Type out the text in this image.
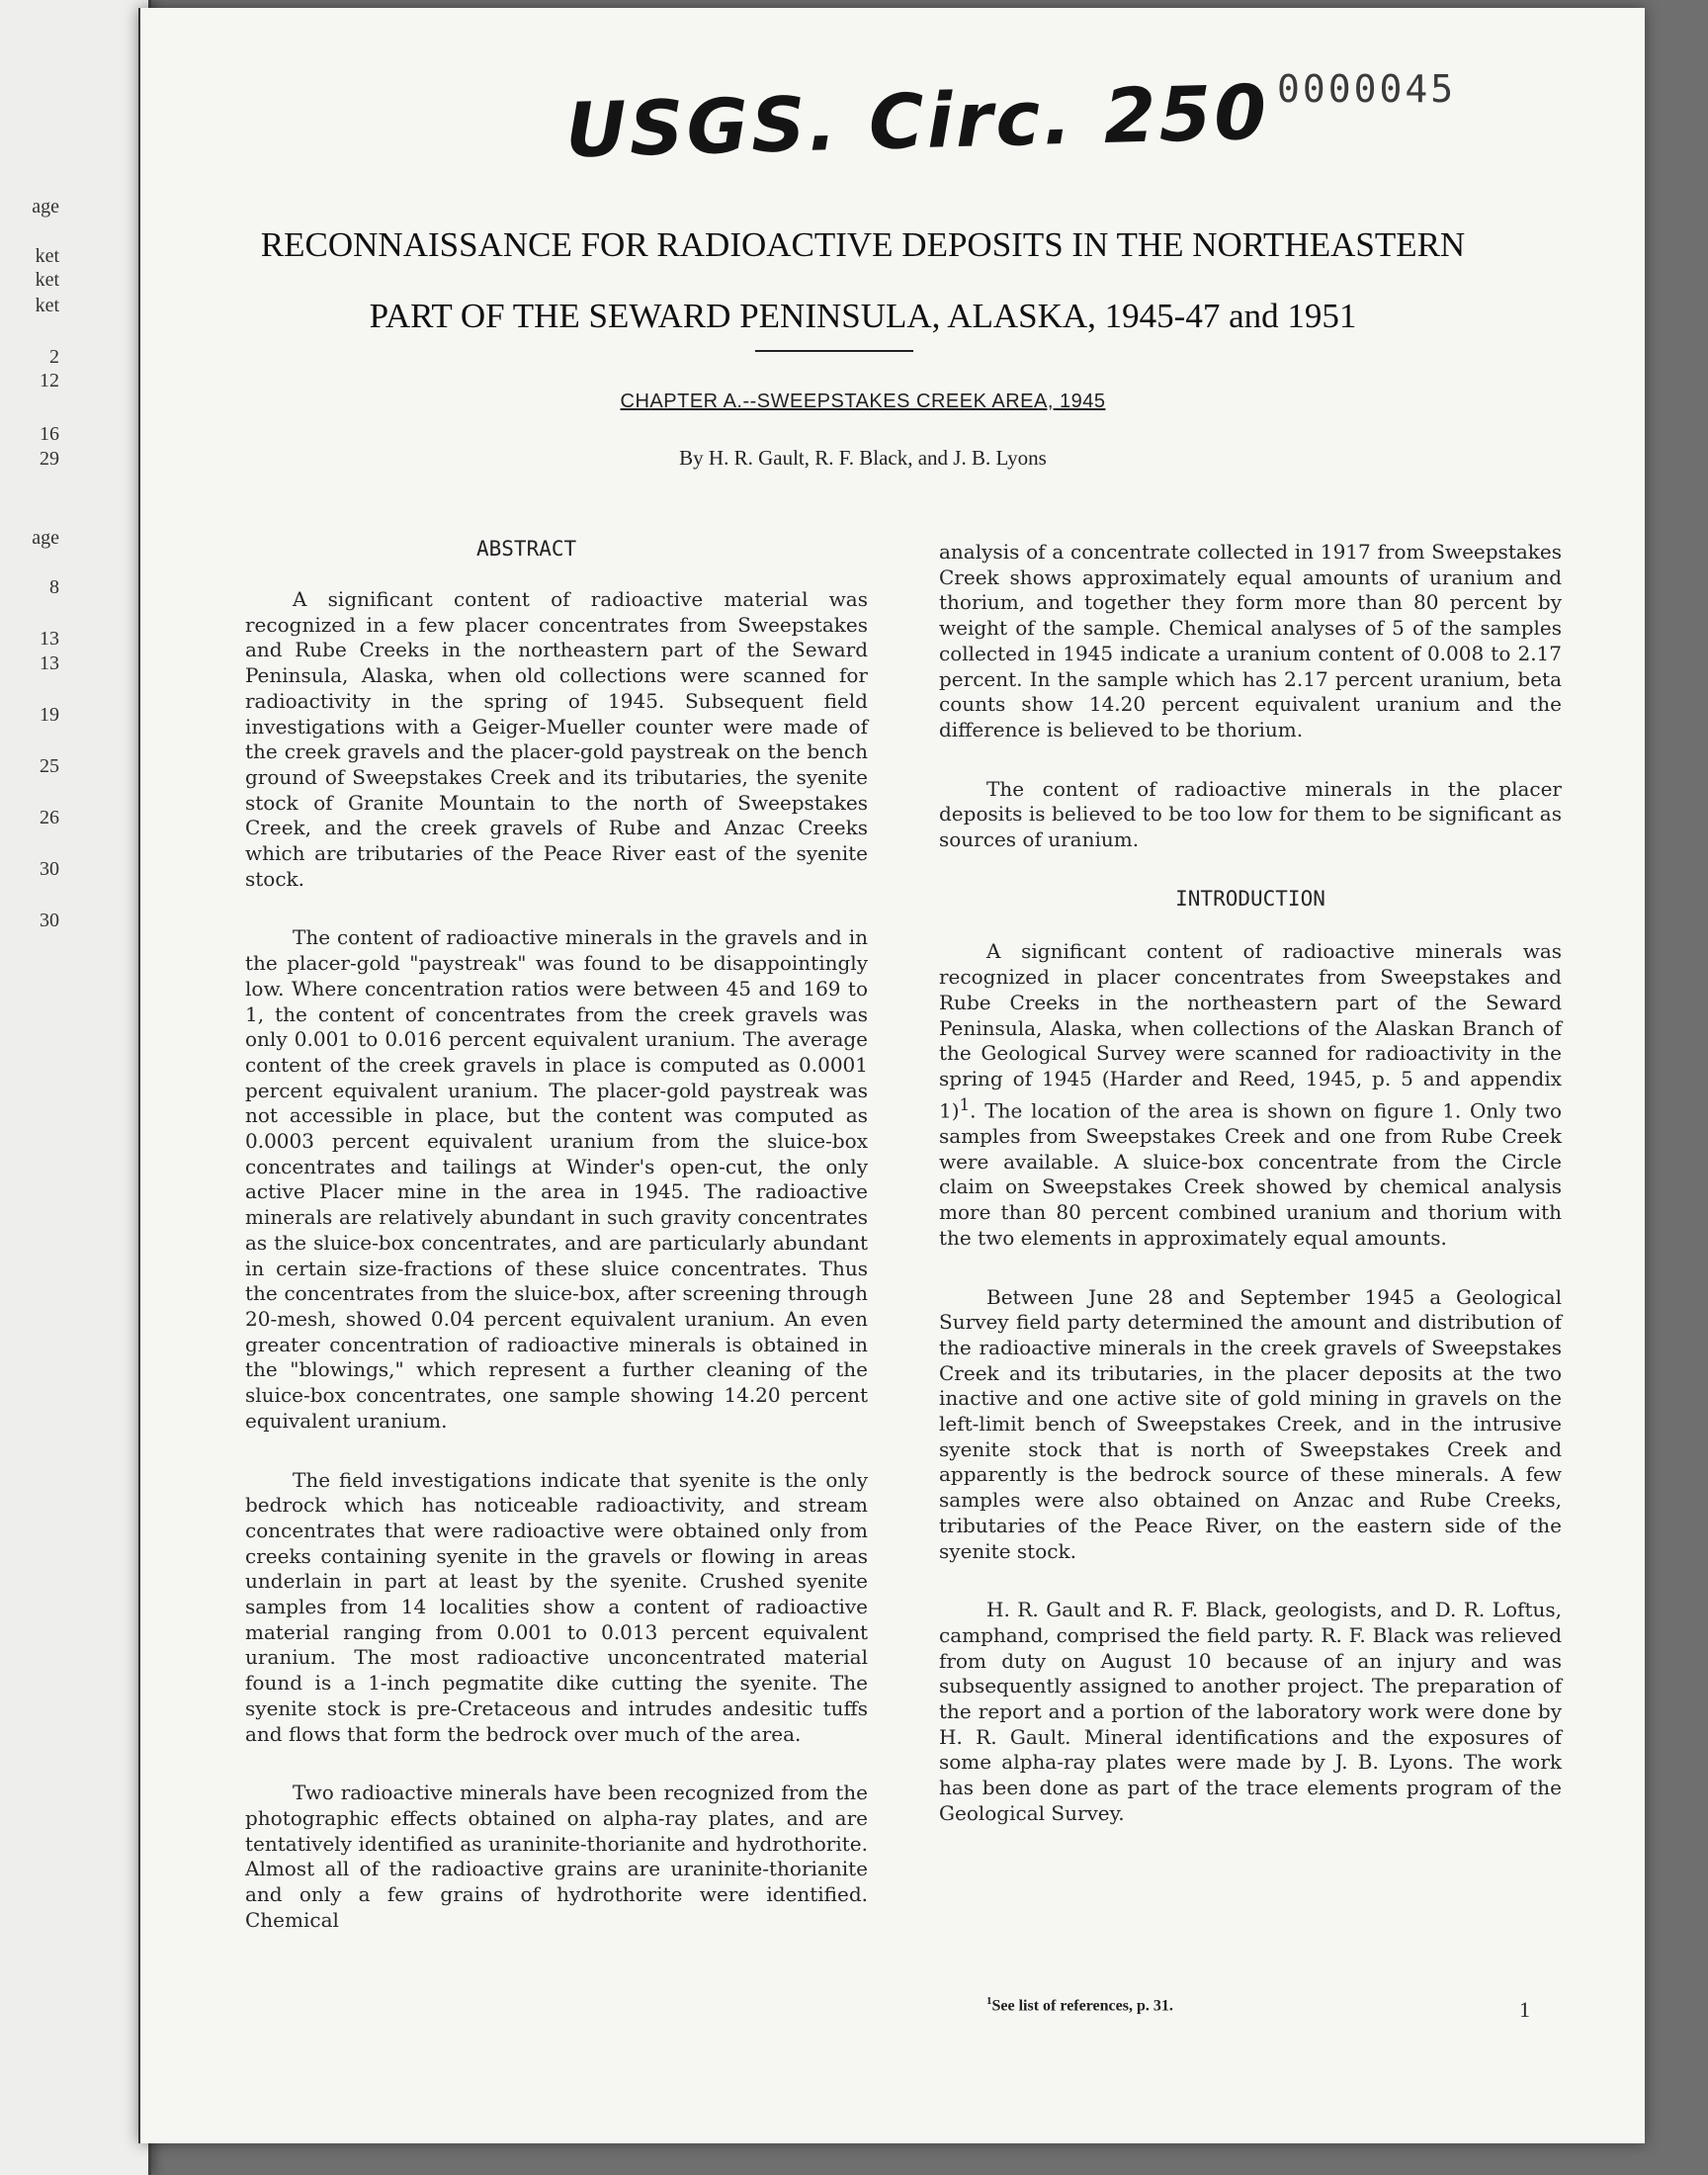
age
ket
ket
ket
2
12
16
29
age
8
13
13
19
25
26
30
30
0000045
USGS. Circ. 250
RECONNAISSANCE FOR RADIOACTIVE DEPOSITS IN THE NORTHEASTERN
PART OF THE SEWARD PENINSULA, ALASKA, 1945-47 and 1951
CHAPTER A.--SWEEPSTAKES CREEK AREA, 1945
By H. R. Gault, R. F. Black, and J. B. Lyons
ABSTRACT

A significant content of radioactive material was recognized in a few placer concentrates from Sweepstakes and Rube Creeks in the northeastern part of the Seward Peninsula, Alaska, when old collections were scanned for radioactivity in the spring of 1945. Subsequent field investigations with a Geiger-Mueller counter were made of the creek gravels and the placer-gold paystreak on the bench ground of Sweepstakes Creek and its tributaries, the syenite stock of Granite Mountain to the north of Sweepstakes Creek, and the creek gravels of Rube and Anzac Creeks which are tributaries of the Peace River east of the syenite stock.

The content of radioactive minerals in the gravels and in the placer-gold "paystreak" was found to be disappointingly low. Where concentration ratios were between 45 and 169 to 1, the content of concentrates from the creek gravels was only 0.001 to 0.016 percent equivalent uranium. The average content of the creek gravels in place is computed as 0.0001 percent equivalent uranium. The placer-gold paystreak was not accessible in place, but the content was computed as 0.0003 percent equivalent uranium from the sluice-box concentrates and tailings at Winder's open-cut, the only active Placer mine in the area in 1945. The radioactive minerals are relatively abundant in such gravity concentrates as the sluice-box concentrates, and are particularly abundant in certain size-fractions of these sluice concentrates. Thus the concentrates from the sluice-box, after screening through 20-mesh, showed 0.04 percent equivalent uranium. An even greater concentration of radioactive minerals is obtained in the "blowings," which represent a further cleaning of the sluice-box concentrates, one sample showing 14.20 percent equivalent uranium.

The field investigations indicate that syenite is the only bedrock which has noticeable radioactivity, and stream concentrates that were radioactive were obtained only from creeks containing syenite in the gravels or flowing in areas underlain in part at least by the syenite. Crushed syenite samples from 14 localities show a content of radioactive material ranging from 0.001 to 0.013 percent equivalent uranium. The most radioactive unconcentrated material found is a 1-inch pegmatite dike cutting the syenite. The syenite stock is pre-Cretaceous and intrudes andesitic tuffs and flows that form the bedrock over much of the area.

Two radioactive minerals have been recognized from the photographic effects obtained on alpha-ray plates, and are tentatively identified as uraninite-thorianite and hydrothorite. Almost all of the radioactive grains are uraninite-thorianite and only a few grains of hydrothorite were identified. Chemical

analysis of a concentrate collected in 1917 from Sweepstakes Creek shows approximately equal amounts of uranium and thorium, and together they form more than 80 percent by weight of the sample. Chemical analyses of 5 of the samples collected in 1945 indicate a uranium content of 0.008 to 2.17 percent. In the sample which has 2.17 percent uranium, beta counts show 14.20 percent equivalent uranium and the difference is believed to be thorium.

The content of radioactive minerals in the placer deposits is believed to be too low for them to be significant as sources of uranium.

INTRODUCTION

A significant content of radioactive minerals was recognized in placer concentrates from Sweepstakes and Rube Creeks in the northeastern part of the Seward Peninsula, Alaska, when collections of the Alaskan Branch of the Geological Survey were scanned for radioactivity in the spring of 1945 (Harder and Reed, 1945, p. 5 and appendix 1)$^1$. The location of the area is shown on figure 1. Only two samples from Sweepstakes Creek and one from Rube Creek were available. A sluice-box concentrate from the Circle claim on Sweepstakes Creek showed by chemical analysis more than 80 percent combined uranium and thorium with the two elements in approximately equal amounts.

Between June 28 and September 1945 a Geological Survey field party determined the amount and distribution of the radioactive minerals in the creek gravels of Sweepstakes Creek and its tributaries, in the placer deposits at the two inactive and one active site of gold mining in gravels on the left-limit bench of Sweepstakes Creek, and in the intrusive syenite stock that is north of Sweepstakes Creek and apparently is the bedrock source of these minerals. A few samples were also obtained on Anzac and Rube Creeks, tributaries of the Peace River, on the eastern side of the syenite stock.

H. R. Gault and R. F. Black, geologists, and D. R. Loftus, camphand, comprised the field party. R. F. Black was relieved from duty on August 10 because of an injury and was subsequently assigned to another project. The preparation of the report and a portion of the laboratory work were done by H. R. Gault. Mineral identifications and the exposures of some alpha-ray plates were made by J. B. Lyons. The work has been done as part of the trace elements program of the Geological Survey.

$^1$See list of references, p. 31.	1
